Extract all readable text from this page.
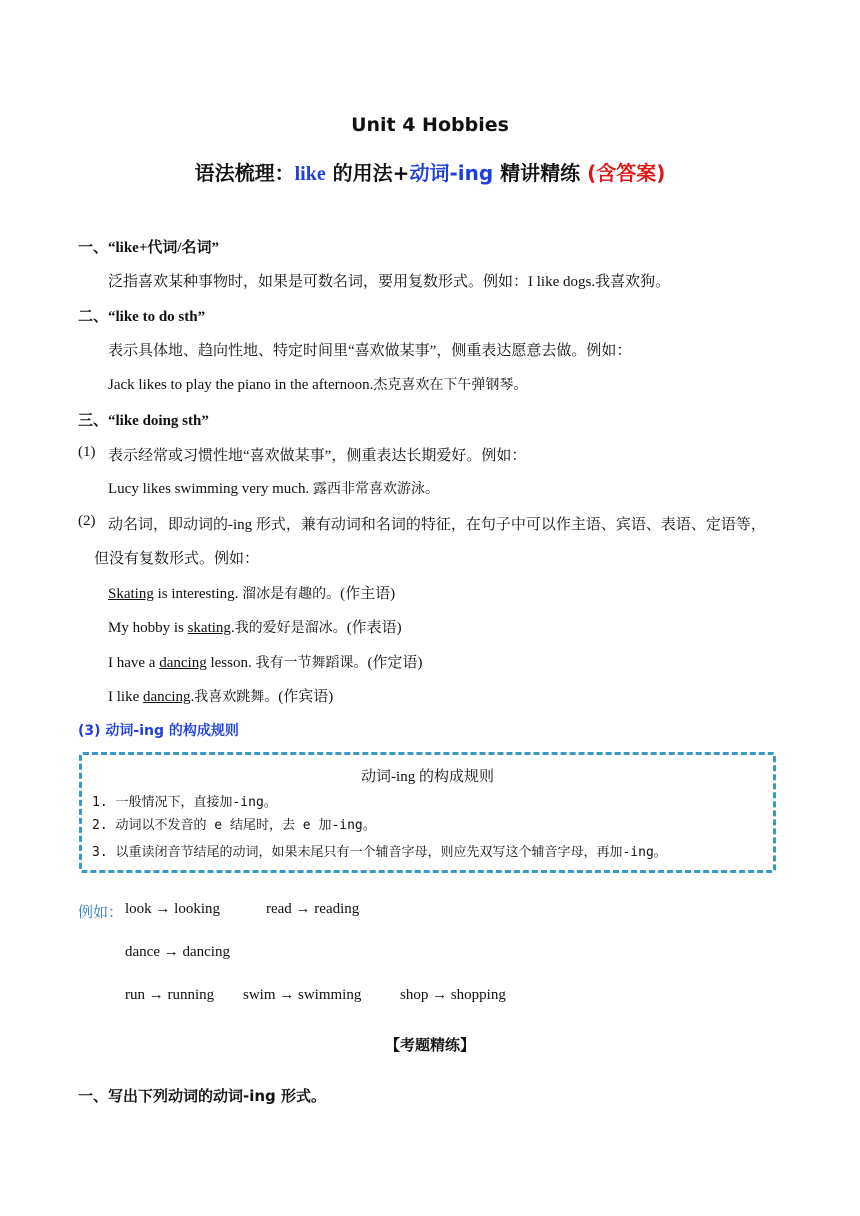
Unit 4 Hobbies
语法梳理：like 的用法+动词-ing 精讲精练 (含答案)
一、“like+代词/名词”
泛指喜欢某种事物时，如果是可数名词，要用复数形式。例如：I like dogs.我喜欢狗。
二、“like to do sth”
表示具体地、趋向性地、特定时间里“喜欢做某事”，侧重表达愿意去做。例如：
Jack likes to play the piano in the afternoon.杰克喜欢在下午弹钢琴。
三、“like doing sth”
(1) 表示经常或习惯性地“喜欢做某事”，侧重表达长期爱好。例如：
Lucy likes swimming very much. 露西非常喜欢游泳。
(2) 动名词，即动词的-ing 形式，兼有动词和名词的特征，在句子中可以作主语、宾语、表语、定语等，
但没有复数形式。例如：
Skating is interesting. 溜冰是有趣的。(作主语)
My hobby is skating.我的爱好是溜冰。(作表语)
I have a dancing lesson. 我有一节舞蹈课。(作定语)
I like dancing.我喜欢跳舞。(作宾语)
(3) 动词-ing 的构成规则
动词-ing 的构成规则
1. 一般情况下，直接加-ing。
2. 动词以不发音的 e 结尾时，去 e 加-ing。
3. 以重读闭音节结尾的动词，如果末尾只有一个辅音字母，则应先双写这个辅音字母，再加-ing。
例如： look → looking	read → reading
dance → dancing
run → running swim → swimming	shop → shopping
【考题精练】
一、写出下列动词的动词-ing 形式。
